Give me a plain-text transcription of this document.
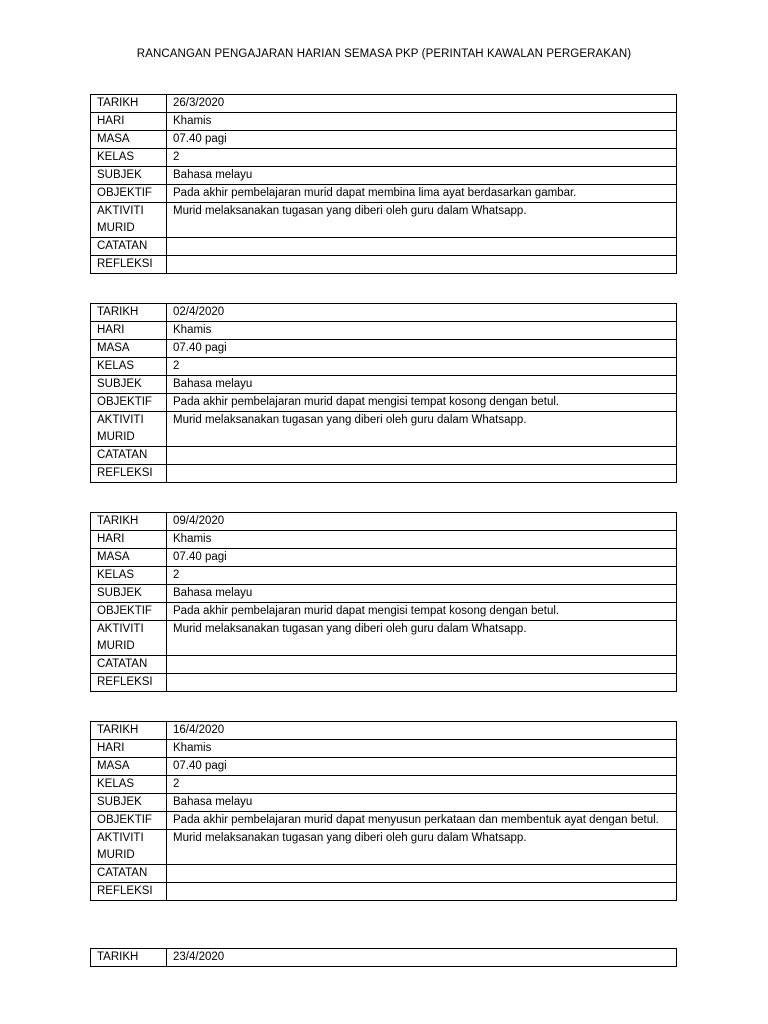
RANCANGAN PENGAJARAN HARIAN SEMASA PKP (PERINTAH KAWALAN PERGERAKAN)
TARIKH	26/3/2020
HARI	Khamis
MASA	07.40 pagi
KELAS	2
SUBJEK	Bahasa melayu
OBJEKTIF	Pada akhir pembelajaran murid dapat membina lima ayat berdasarkan gambar.
AKTIVITI
MURID	Murid melaksanakan tugasan yang diberi oleh guru dalam Whatsapp.
CATATAN	
REFLEKSI	
TARIKH	02/4/2020
HARI	Khamis
MASA	07.40 pagi
KELAS	2
SUBJEK	Bahasa melayu
OBJEKTIF	Pada akhir pembelajaran murid dapat mengisi tempat kosong dengan betul.
AKTIVITI
MURID	Murid melaksanakan tugasan yang diberi oleh guru dalam Whatsapp.
CATATAN	
REFLEKSI	
TARIKH	09/4/2020
HARI	Khamis
MASA	07.40 pagi
KELAS	2
SUBJEK	Bahasa melayu
OBJEKTIF	Pada akhir pembelajaran murid dapat mengisi tempat kosong dengan betul.
AKTIVITI
MURID	Murid melaksanakan tugasan yang diberi oleh guru dalam Whatsapp.
CATATAN	
REFLEKSI	
TARIKH	16/4/2020
HARI	Khamis
MASA	07.40 pagi
KELAS	2
SUBJEK	Bahasa melayu
OBJEKTIF	Pada akhir pembelajaran murid dapat menyusun perkataan dan membentuk ayat dengan betul.
AKTIVITI
MURID	Murid melaksanakan tugasan yang diberi oleh guru dalam Whatsapp.
CATATAN	
REFLEKSI	
TARIKH	23/4/2020
